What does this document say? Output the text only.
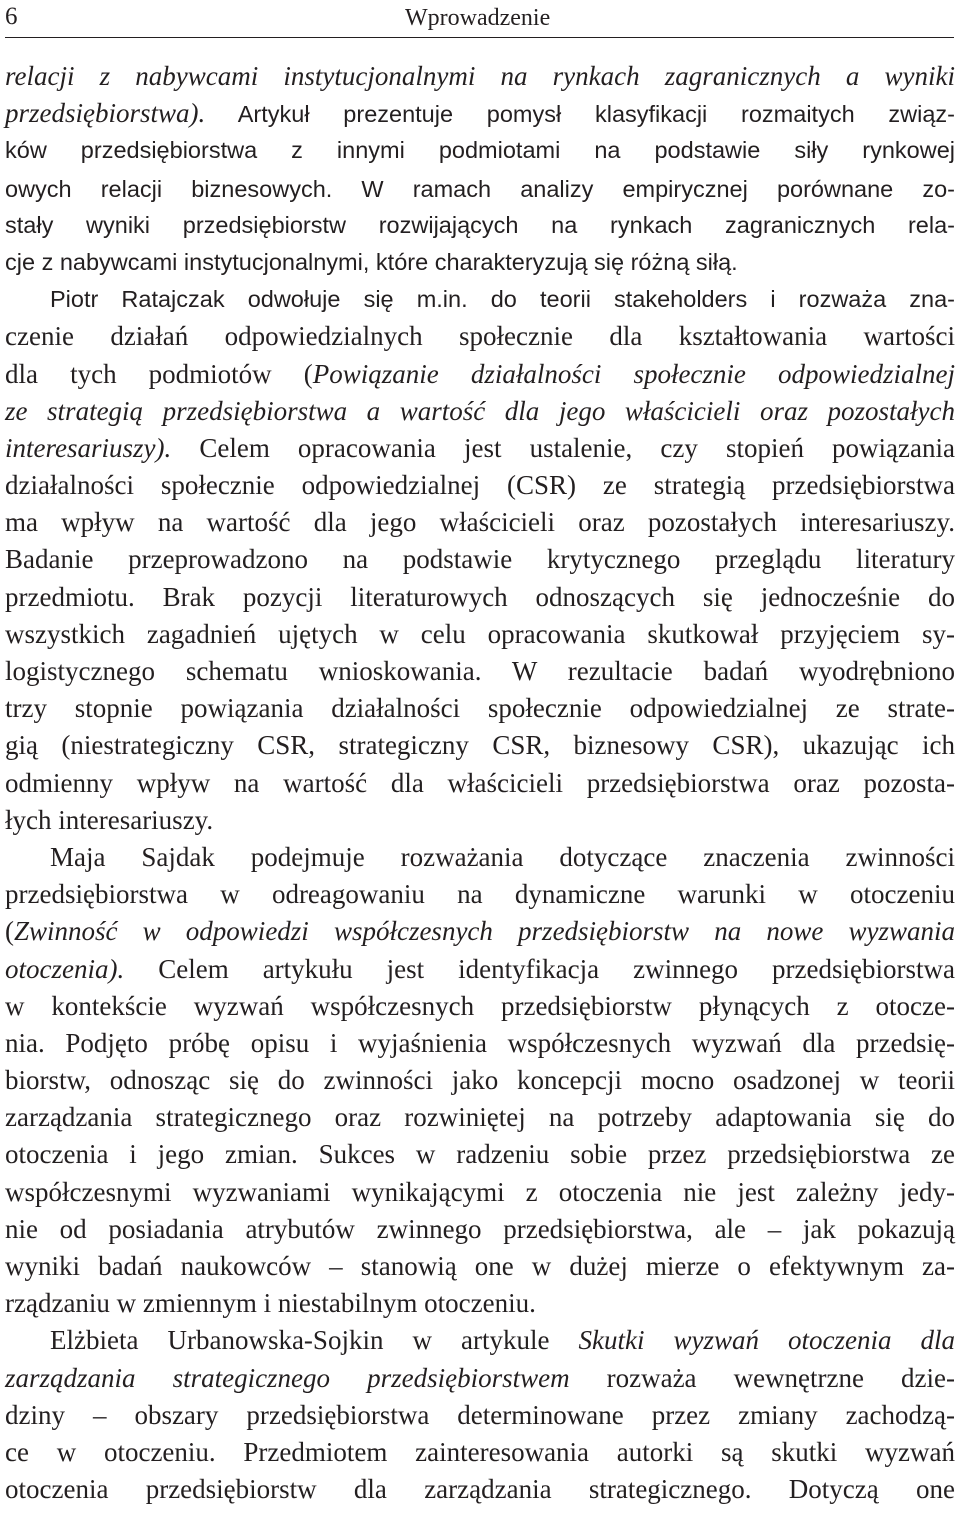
6	Wprowadzenie
relacji z nabywcami instytucjonalnymi na rynkach zagranicznych a wyniki
przedsiębiorstwa). Artykuł prezentuje pomysł klasyfikacji rozmaitych związ-
ków przedsiębiorstwa z innymi podmiotami na podstawie siły rynkowej
owych relacji biznesowych. W ramach analizy empirycznej porównane zo-
stały wyniki przedsiębiorstw rozwijających na rynkach zagranicznych rela-
cje z nabywcami instytucjonalnymi, które charakteryzują się różną siłą.
Piotr Ratajczak odwołuje się m.in. do teorii stakeholders i rozważa zna-
czenie działań odpowiedzialnych społecznie dla kształtowania wartości
dla tych podmiotów (Powiązanie działalności społecznie odpowiedzialnej
ze strategią przedsiębiorstwa a wartość dla jego właścicieli oraz pozostałych
interesariuszy). Celem opracowania jest ustalenie, czy stopień powiązania
działalności społecznie odpowiedzialnej (CSR) ze strategią przedsiębiorstwa
ma wpływ na wartość dla jego właścicieli oraz pozostałych interesariuszy.
Badanie przeprowadzono na podstawie krytycznego przeglądu literatury
przedmiotu. Brak pozycji literaturowych odnoszących się jednocześnie do
wszystkich zagadnień ujętych w celu opracowania skutkował przyjęciem sy-
logistycznego schematu wnioskowania. W rezultacie badań wyodrębniono
trzy stopnie powiązania działalności społecznie odpowiedzialnej ze strate-
gią (niestrategiczny CSR, strategiczny CSR, biznesowy CSR), ukazując ich
odmienny wpływ na wartość dla właścicieli przedsiębiorstwa oraz pozosta-
łych interesariuszy.
Maja Sajdak podejmuje rozważania dotyczące znaczenia zwinności
przedsiębiorstwa w odreagowaniu na dynamiczne warunki w otoczeniu
(Zwinność w odpowiedzi współczesnych przedsiębiorstw na nowe wyzwania
otoczenia). Celem artykułu jest identyfikacja zwinnego przedsiębiorstwa
w kontekście wyzwań współczesnych przedsiębiorstw płynących z otocze-
nia. Podjęto próbę opisu i wyjaśnienia współczesnych wyzwań dla przedsię-
biorstw, odnosząc się do zwinności jako koncepcji mocno osadzonej w teorii
zarządzania strategicznego oraz rozwiniętej na potrzeby adaptowania się do
otoczenia i jego zmian. Sukces w radzeniu sobie przez przedsiębiorstwa ze
współczesnymi wyzwaniami wynikającymi z otoczenia nie jest zależny jedy-
nie od posiadania atrybutów zwinnego przedsiębiorstwa, ale – jak pokazują
wyniki badań naukowców – stanowią one w dużej mierze o efektywnym za-
rządzaniu w zmiennym i niestabilnym otoczeniu.
Elżbieta Urbanowska-Sojkin w artykule Skutki wyzwań otoczenia dla
zarządzania strategicznego przedsiębiorstwem rozważa wewnętrzne dzie-
dziny – obszary przedsiębiorstwa determinowane przez zmiany zachodzą-
ce w otoczeniu. Przedmiotem zainteresowania autorki są skutki wyzwań
otoczenia przedsiębiorstw dla zarządzania strategicznego. Dotyczą one
